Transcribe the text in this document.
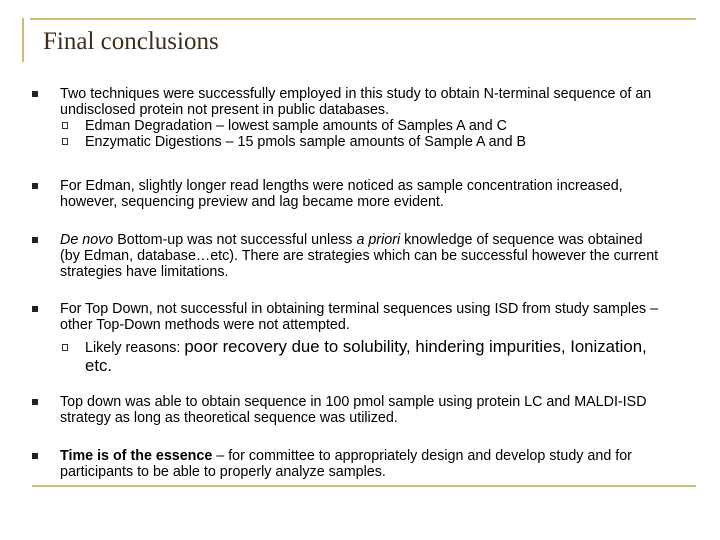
Final conclusions
Two techniques were successfully employed in this study to obtain N-terminal sequence of an undisclosed protein not present in public databases.
Edman Degradation – lowest sample amounts of Samples A and C
Enzymatic Digestions – 15 pmols sample amounts of Sample A and B
For Edman, slightly longer read lengths were noticed as sample concentration increased, however, sequencing preview and lag became more evident.
De novo Bottom-up was not successful unless a priori knowledge of sequence was obtained (by Edman, database…etc). There are strategies which can be successful however the current strategies have limitations.
For Top Down, not successful in obtaining terminal sequences using ISD from study samples – other Top-Down methods were not attempted.
Likely reasons: poor recovery due to solubility, hindering impurities, Ionization, etc.
Top down was able to obtain sequence in 100 pmol sample using protein LC and MALDI-ISD strategy as long as theoretical sequence was utilized.
Time is of the essence – for committee to appropriately design and develop study and for participants to be able to properly analyze samples.
